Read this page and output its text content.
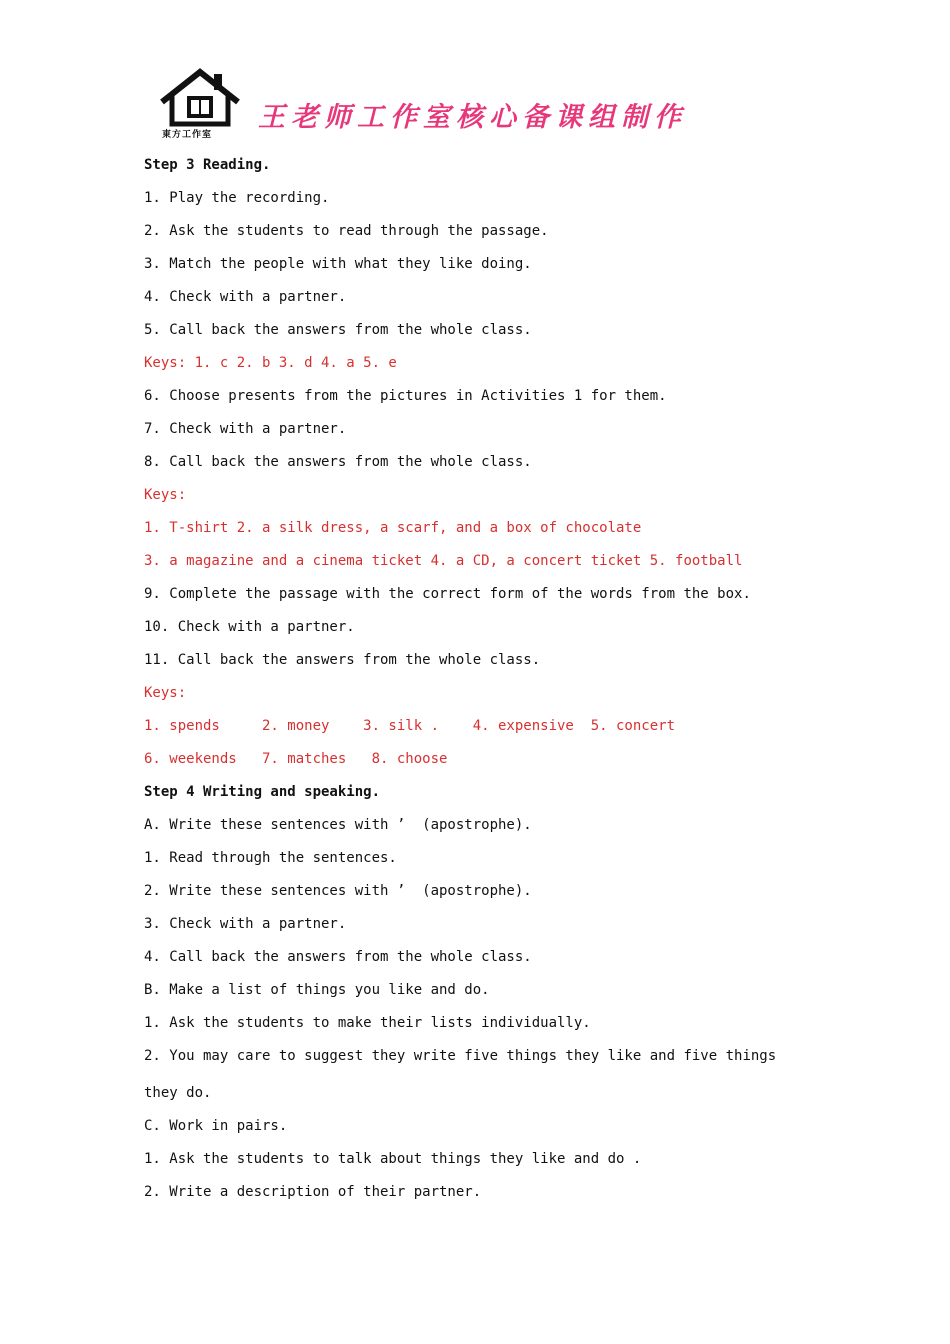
東方工作室
王老师工作室核心备课组制作
Step 3 Reading.
1. Play the recording.
2. Ask the students to read through the passage.
3. Match the people with what they like doing.
4. Check with a partner.
5. Call back the answers from the whole class.
Keys: 1. c 2. b 3. d 4. a 5. e
6. Choose presents from the pictures in Activities 1 for them.
7. Check with a partner.
8. Call back the answers from the whole class.
Keys:
1. T-shirt 2. a silk dress, a scarf, and a box of chocolate
3. a magazine and a cinema ticket 4. a CD, a concert ticket 5. football
9. Complete the passage with the correct form of the words from the box.
10. Check with a partner.
11. Call back the answers from the whole class.
Keys:
1. spends     2. money    3. silk .    4. expensive  5. concert
6. weekends   7. matches   8. choose
Step 4 Writing and speaking.
A. Write these sentences with ’  (apostrophe).
1. Read through the sentences.
2. Write these sentences with ’  (apostrophe).
3. Check with a partner.
4. Call back the answers from the whole class.
B. Make a list of things you like and do.
1. Ask the students to make their lists individually.
2. You may care to suggest they write five things they like and five things
they do.
C. Work in pairs.
1. Ask the students to talk about things they like and do .
2. Write a description of their partner.
